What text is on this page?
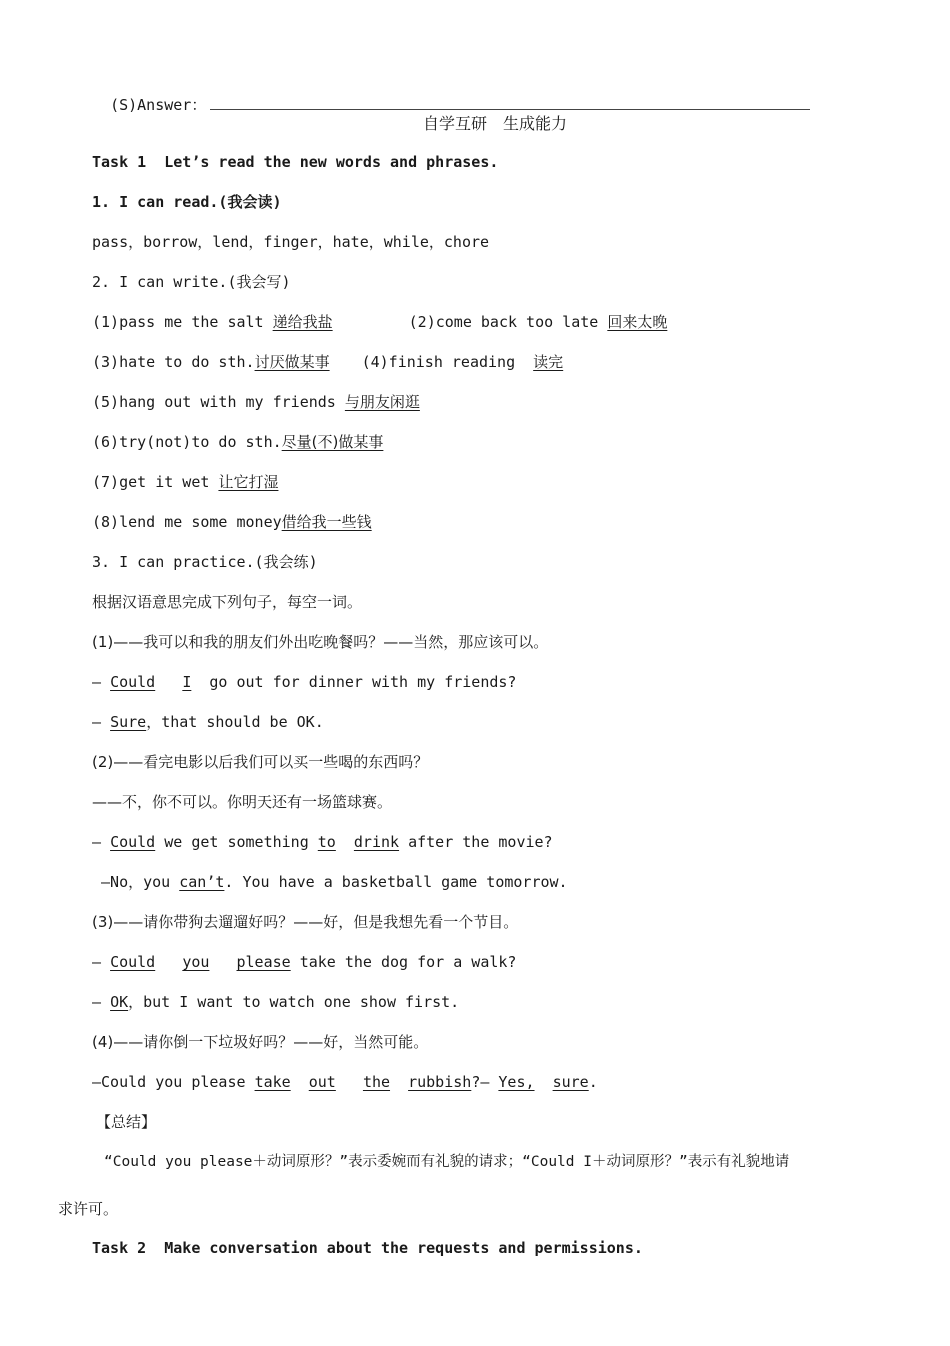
(S)Answer：

自学互研　生成能力
Task 1  Let’s read the new words and phrases.
1. I can read.(我会读)
pass，borrow，lend，finger，hate，while，chore
2. I can write.(我会写)
(1)pass me the salt 递给我盐	(2)come back too late 回来太晚
(3)hate to do sth.讨厌做某事 (4)finish reading  读完
(5)hang out with my friends 与朋友闲逛
(6)try(not)to do sth.尽量(不)做某事
(7)get it wet 让它打湿
(8)lend me some money借给我一些钱
3. I can practice.(我会练)
根据汉语意思完成下列句子，每空一词。
(1)——我可以和我的朋友们外出吃晚餐吗？——当然，那应该可以。
— Could I go out for dinner with my friends?
— Sure，that should be OK.
(2)——看完电影以后我们可以买一些喝的东西吗？
——不，你不可以。你明天还有一场篮球赛。
— Could we get something to drink after the movie?
—No，you can’t. You have a basketball game tomorrow.
(3)——请你带狗去遛遛好吗？——好，但是我想先看一个节目。
— Could you please take the dog for a walk?
— OK，but I want to watch one show first.
(4)——请你倒一下垃圾好吗？——好，当然可能。
—Could you please take out the rubbish?— Yes, sure.
【总结】
“Could you please＋动词原形？”表示委婉而有礼貌的请求；“Could I＋动词原形？”表示有礼貌地请
求许可。
Task 2  Make conversation about the requests and permissions.
